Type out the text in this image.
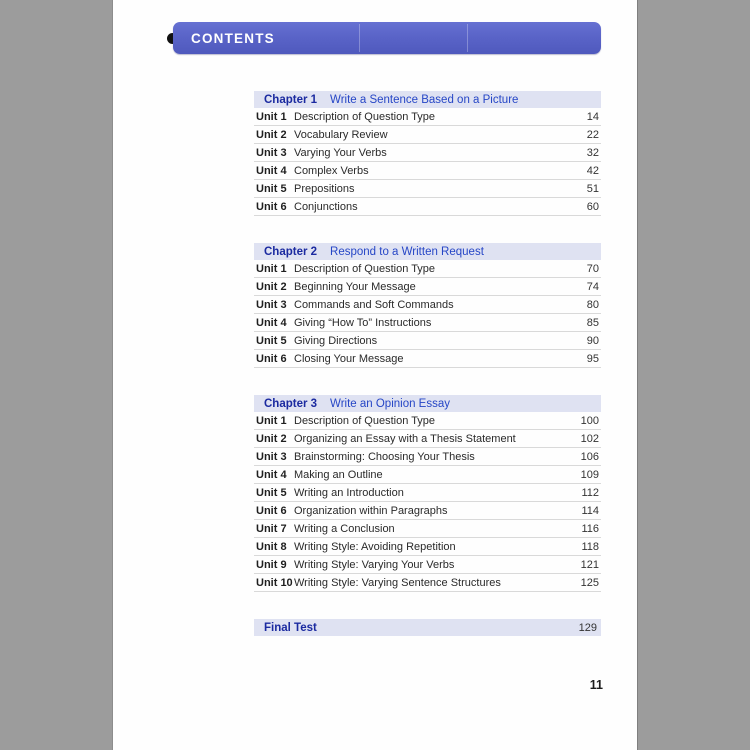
CONTENTS
Chapter 1 Write a Sentence Based on a Picture
Unit 1 Description of Question Type	14
Unit 2 Vocabulary Review	22
Unit 3 Varying Your Verbs	32
Unit 4 Complex Verbs	42
Unit 5 Prepositions	51
Unit 6 Conjunctions	60
Chapter 2 Respond to a Written Request
Unit 1 Description of Question Type	70
Unit 2 Beginning Your Message	74
Unit 3 Commands and Soft Commands	80
Unit 4 Giving “How To” Instructions	85
Unit 5 Giving Directions	90
Unit 6 Closing Your Message	95
Chapter 3 Write an Opinion Essay
Unit 1 Description of Question Type	100
Unit 2 Organizing an Essay with a Thesis Statement	102
Unit 3 Brainstorming: Choosing Your Thesis	106
Unit 4 Making an Outline	109
Unit 5 Writing an Introduction	112
Unit 6 Organization within Paragraphs	114
Unit 7 Writing a Conclusion	116
Unit 8 Writing Style: Avoiding Repetition	118
Unit 9 Writing Style: Varying Your Verbs	121
Unit 10 Writing Style: Varying Sentence Structures	125
Final Test	129
11
